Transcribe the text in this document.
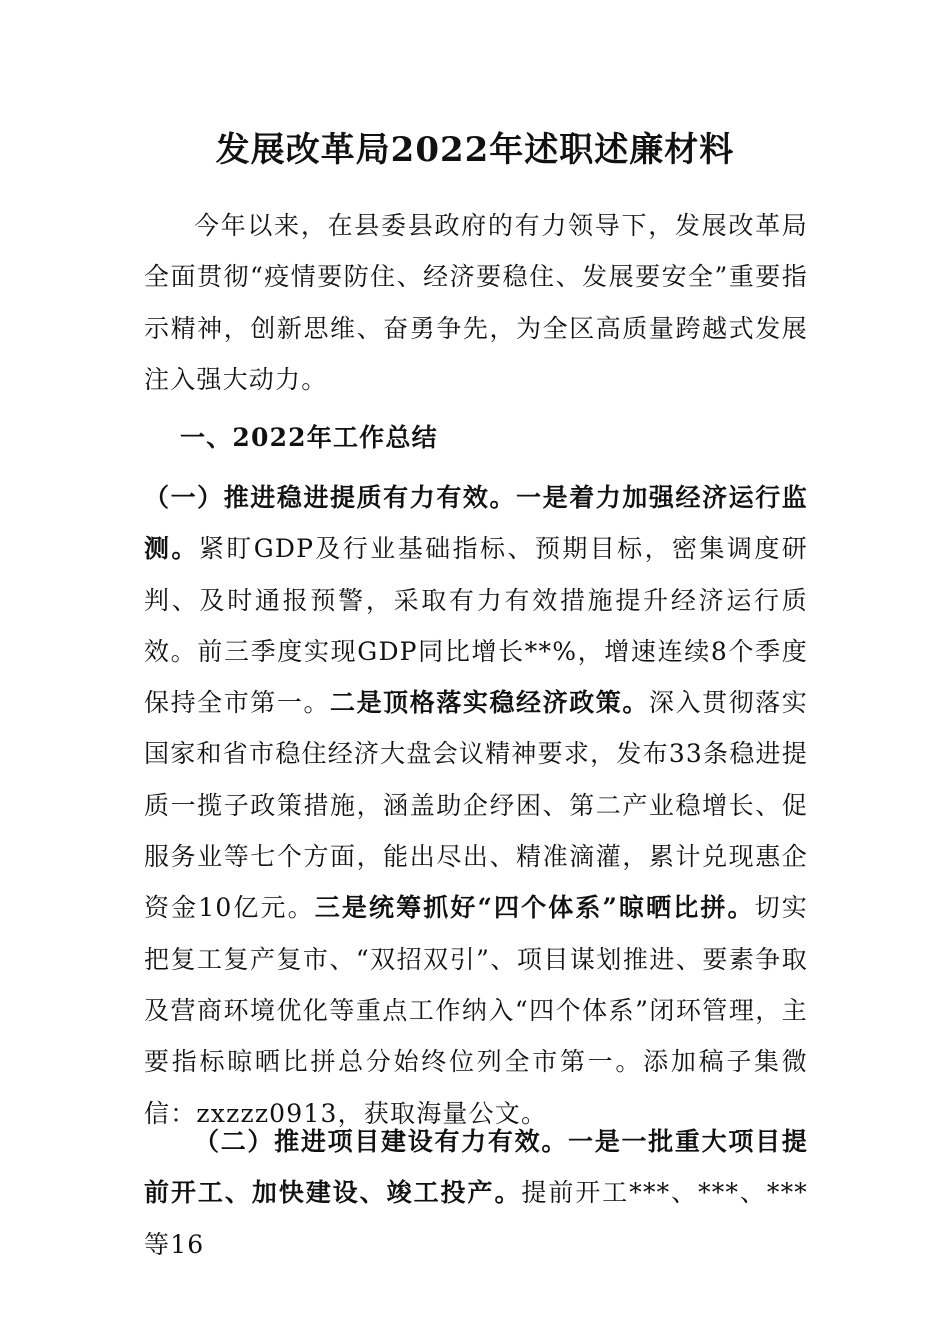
发展改革局2022年述职述廉材料

今年以来，在县委县政府的有力领导下，发展改革局全面贯彻“疫情要防住、经济要稳住、发展要安全”重要指示精神，创新思维、奋勇争先，为全区高质量跨越式发展注入强大动力。

一、2022年工作总结

（一）推进稳进提质有力有效。一是着力加强经济运行监测。紧盯GDP及行业基础指标、预期目标，密集调度研判、及时通报预警，采取有力有效措施提升经济运行质效。前三季度实现GDP同比增长**%，增速连续8个季度保持全市第一。二是顶格落实稳经济政策。深入贯彻落实国家和省市稳住经济大盘会议精神要求，发布33条稳进提质一揽子政策措施，涵盖助企纾困、第二产业稳增长、促服务业等七个方面，能出尽出、精准滴灌，累计兑现惠企资金10亿元。三是统筹抓好“四个体系”晾晒比拼。切实把复工复产复市、“双招双引”、项目谋划推进、要素争取及营商环境优化等重点工作纳入“四个体系”闭环管理，主要指标晾晒比拼总分始终位列全市第一。添加稿子集微信：zxzzz0913，获取海量公文。

（二）推进项目建设有力有效。一是一批重大项目提前开工、加快建设、竣工投产。提前开工***、***、***等16
